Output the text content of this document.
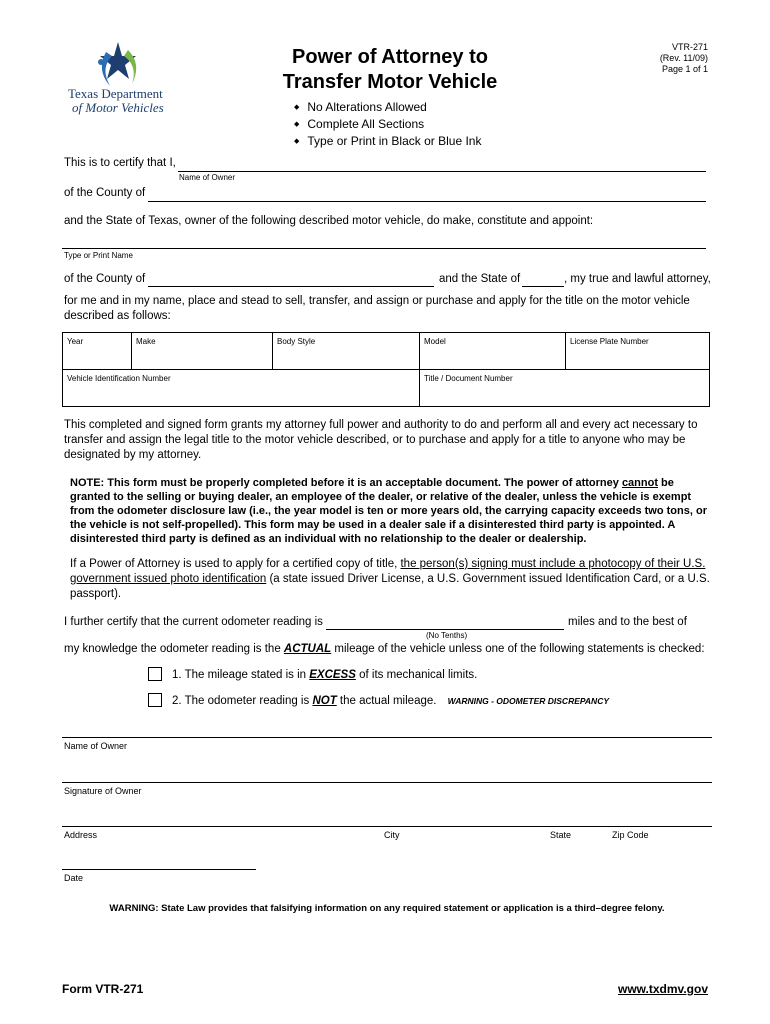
Texas Department
of Motor Vehicles
Power of Attorney to
Transfer Motor Vehicle
VTR-271
(Rev. 11/09)
Page 1 of 1
◆ No Alterations Allowed
◆ Complete All Sections
◆ Type or Print in Black or Blue Ink
This is to certify that I,
Name of Owner
of the County of
and the State of Texas, owner of the following described motor vehicle, do make, constitute and appoint:
Type or Print Name
of the County of	and the State of	, my true and lawful attorney,
for me and in my name, place and stead to sell, transfer, and assign or purchase and apply for the title on the motor vehicle described as follows:
Year	Make	Body Style	Model	License Plate Number
Vehicle Identification Number			Title / Document Number	
This completed and signed form grants my attorney full power and authority to do and perform all and every act necessary to transfer and assign the legal title to the motor vehicle described, or to purchase and apply for a title to anyone who may be designated by my attorney.
NOTE: This form must be properly completed before it is an acceptable document. The power of attorney cannot be granted to the selling or buying dealer, an employee of the dealer, or relative of the dealer, unless the vehicle is exempt from the odometer disclosure law (i.e., the year model is ten or more years old, the carrying capacity exceeds two tons, or the vehicle is not self-propelled). This form may be used in a dealer sale if a disinterested third party is appointed. A disinterested third party is defined as an individual with no relationship to the dealer or dealership.
If a Power of Attorney is used to apply for a certified copy of title, the person(s) signing must include a photocopy of their U.S. government issued photo identification (a state issued Driver License, a U.S. Government issued Identification Card, or a U.S. passport).
I further certify that the current odometer reading is	miles and to the best of
(No Tenths)
my knowledge the odometer reading is the ACTUAL mileage of the vehicle unless one of the following statements is checked:
1. The mileage stated is in EXCESS of its mechanical limits.
2. The odometer reading is NOT the actual mileage. WARNING - ODOMETER DISCREPANCY
Name of Owner
Signature of Owner
Address	City	State	Zip Code
Date
WARNING: State Law provides that falsifying information on any required statement or application is a third–degree felony.
Form VTR-271	www.txdmv.gov
